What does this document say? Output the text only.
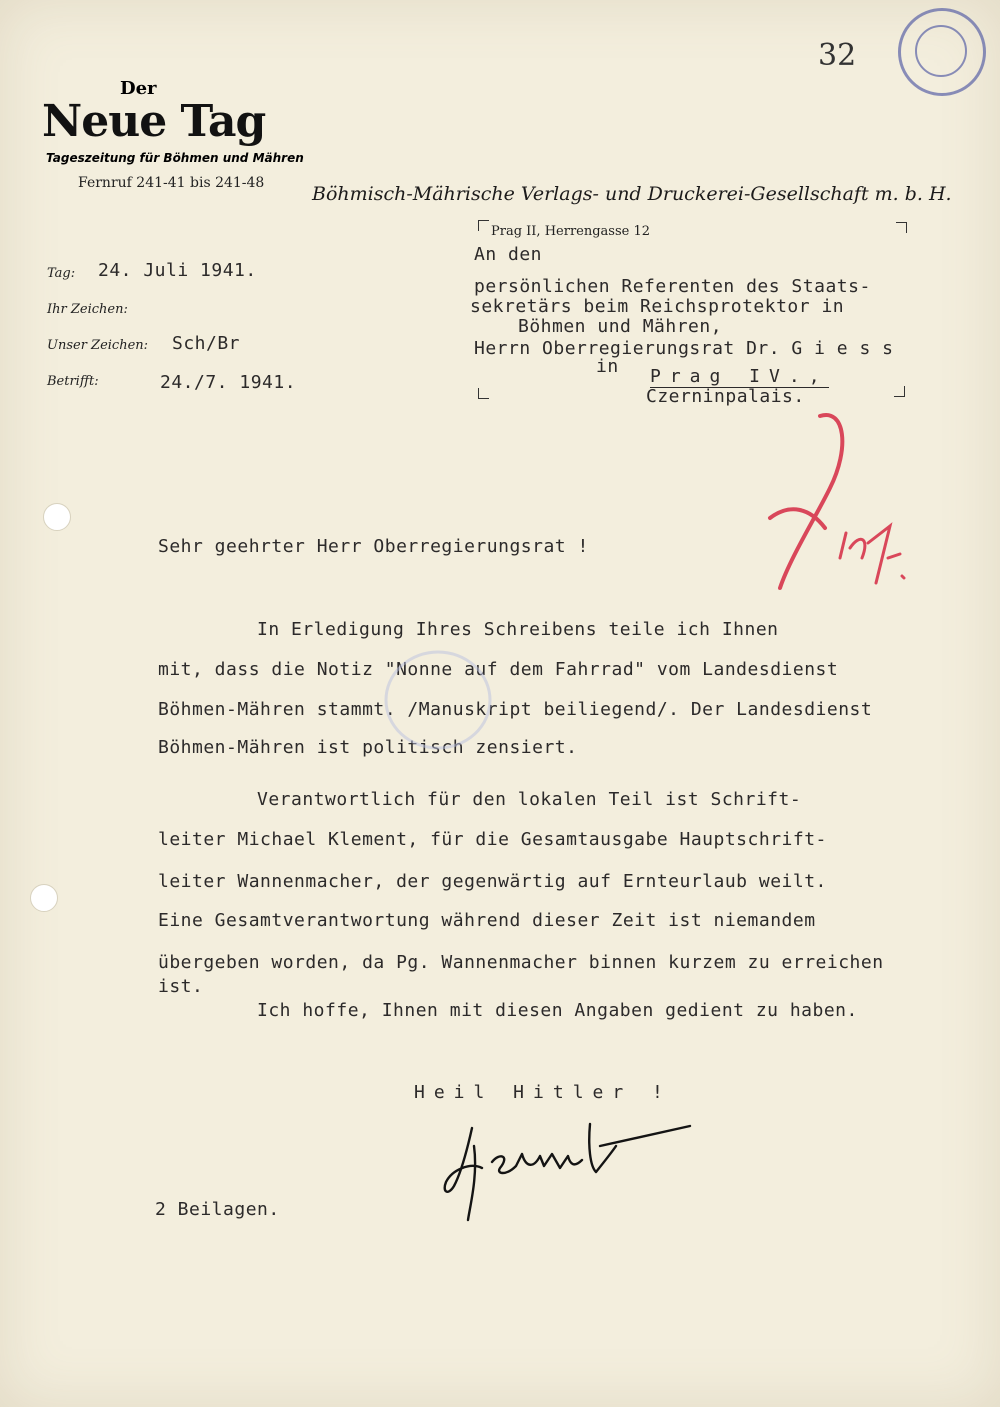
32
Der
Neue Tag
Tageszeitung für Böhmen und Mähren
Fernruf 241-41 bis 241-48	Böhmisch-Mährische Verlags- und Druckerei-Gesellschaft m. b. H.
Prag II, Herrengasse 12
Tag: 24. Juli 1941.
Ihr Zeichen:
Unser Zeichen: Sch/Br
Betrifft:	24./7. 1941.
An den
persönlichen Referenten des Staats-
sekretärs beim Reichsprotektor in
Böhmen und Mähren,
Herrn Oberregierungsrat Dr. G i e s s
in Prag IV.,
Czerninpalais.
Sehr geehrter Herr Oberregierungsrat !
In Erledigung Ihres Schreibens teile ich Ihnen
mit, dass die Notiz "Nonne auf dem Fahrrad" vom Landesdienst
Böhmen-Mähren stammt. /Manuskript beiliegend/. Der Landesdienst
Böhmen-Mähren ist politisch zensiert.
Verantwortlich für den lokalen Teil ist Schrift-
leiter Michael Klement, für die Gesamtausgabe Hauptschrift-
leiter Wannenmacher, der gegenwärtig auf Ernteurlaub weilt.
Eine Gesamtverantwortung während dieser Zeit ist niemandem
übergeben worden, da Pg. Wannenmacher binnen kurzem zu erreichen
ist.
Ich hoffe, Ihnen mit diesen Angaben gedient zu haben.
Heil Hitler !
2 Beilagen.
